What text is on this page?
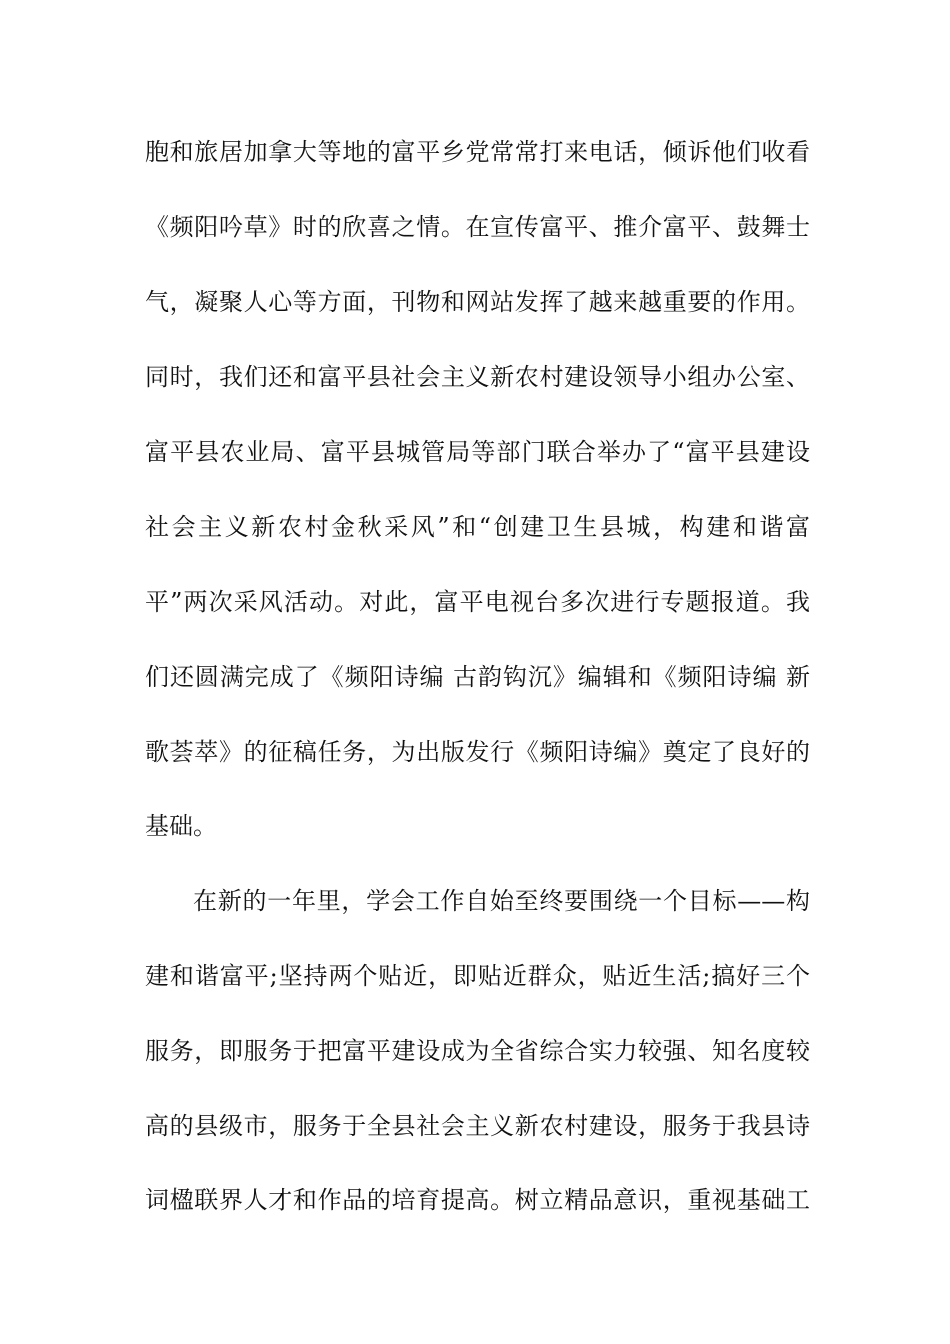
胞和旅居加拿大等地的富平乡党常常打来电话，倾诉他们收看
《频阳吟草》时的欣喜之情。在宣传富平、推介富平、鼓舞士
气，凝聚人心等方面，刊物和网站发挥了越来越重要的作用。
同时，我们还和富平县社会主义新农村建设领导小组办公室、
富平县农业局、富平县城管局等部门联合举办了“富平县建设
社会主义新农村金秋采风”和“创建卫生县城，构建和谐富
平”两次采风活动。对此，富平电视台多次进行专题报道。我
们还圆满完成了《频阳诗编 古韵钩沉》编辑和《频阳诗编 新
歌荟萃》的征稿任务，为出版发行《频阳诗编》奠定了良好的
基础。
在新的一年里，学会工作自始至终要围绕一个目标——构
建和谐富平;坚持两个贴近，即贴近群众，贴近生活;搞好三个
服务，即服务于把富平建设成为全省综合实力较强、知名度较
高的县级市，服务于全县社会主义新农村建设，服务于我县诗
词楹联界人才和作品的培育提高。树立精品意识，重视基础工
